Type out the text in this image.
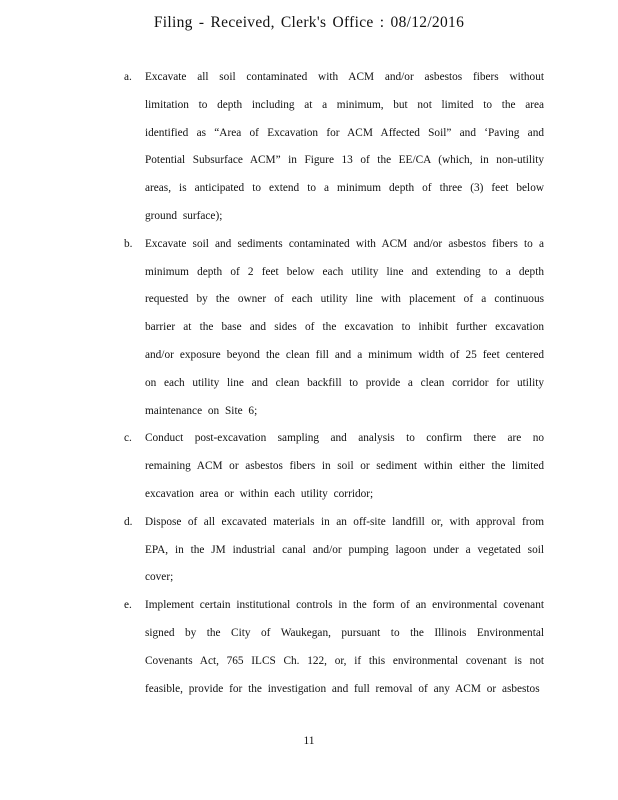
Filing - Received, Clerk's Office : 08/12/2016
a. Excavate all soil contaminated with ACM and/or asbestos fibers without limitation to depth including at a minimum, but not limited to the area identified as “Area of Excavation for ACM Affected Soil” and ‘Paving and Potential Subsurface ACM” in Figure 13 of the EE/CA (which, in non-utility areas, is anticipated to extend to a minimum depth of three (3) feet below ground surface);
b. Excavate soil and sediments contaminated with ACM and/or asbestos fibers to a minimum depth of 2 feet below each utility line and extending to a depth requested by the owner of each utility line with placement of a continuous barrier at the base and sides of the excavation to inhibit further excavation and/or exposure beyond the clean fill and a minimum width of 25 feet centered on each utility line and clean backfill to provide a clean corridor for utility maintenance on Site 6;
c. Conduct post-excavation sampling and analysis to confirm there are no remaining ACM or asbestos fibers in soil or sediment within either the limited excavation area or within each utility corridor;
d. Dispose of all excavated materials in an off-site landfill or, with approval from EPA, in the JM industrial canal and/or pumping lagoon under a vegetated soil cover;
e. Implement certain institutional controls in the form of an environmental covenant signed by the City of Waukegan, pursuant to the Illinois Environmental Covenants Act, 765 ILCS Ch. 122, or, if this environmental covenant is not feasible, provide for the investigation and full removal of any ACM or asbestos
11
